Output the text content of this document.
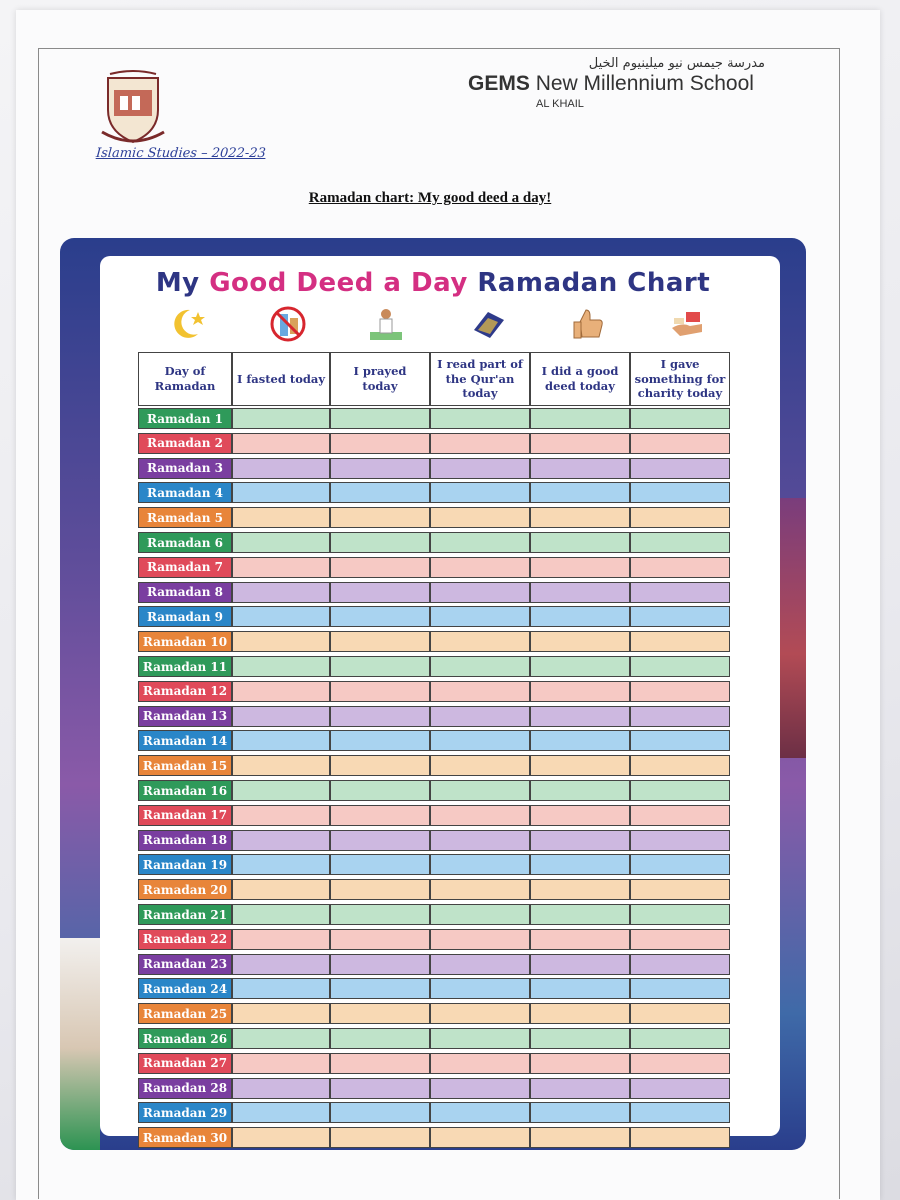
Islamic Studies – 2022-23
مدرسة جيمس نيو ميلينيوم الخيل
GEMS New Millennium School
AL KHAIL
Ramadan chart: My good deed a day!
My Good Deed a Day Ramadan Chart
Day of Ramadan
I fasted today
I prayed today
I read part of the Qur'an today
I did a good deed today
I gave something for charity today
Ramadan 1
Ramadan 2
Ramadan 3
Ramadan 4
Ramadan 5
Ramadan 6
Ramadan 7
Ramadan 8
Ramadan 9
Ramadan 10
Ramadan 11
Ramadan 12
Ramadan 13
Ramadan 14
Ramadan 15
Ramadan 16
Ramadan 17
Ramadan 18
Ramadan 19
Ramadan 20
Ramadan 21
Ramadan 22
Ramadan 23
Ramadan 24
Ramadan 25
Ramadan 26
Ramadan 27
Ramadan 28
Ramadan 29
Ramadan 30
